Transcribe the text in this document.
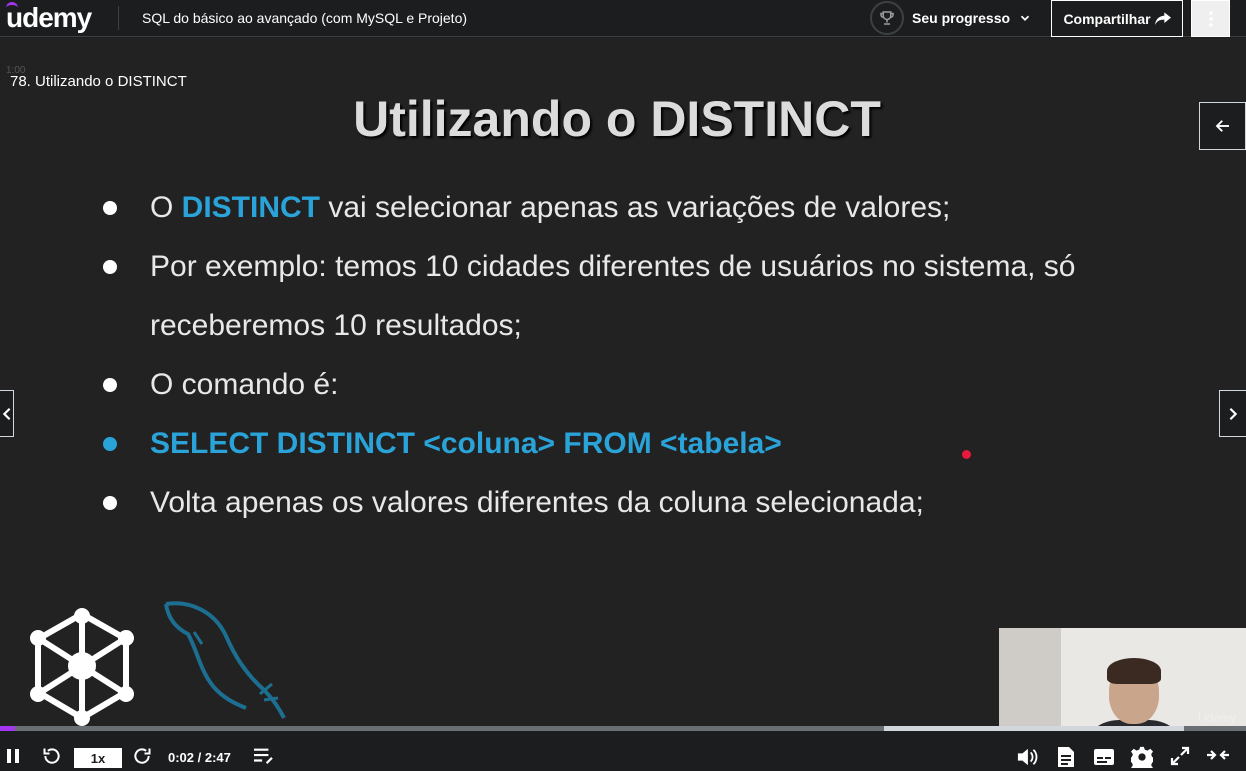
udemy	SQL do básico ao avançado (com MySQL e Projeto)	Seu progresso	Compartilhar
1:00
78. Utilizando o DISTINCT
Utilizando o DISTINCT
O DISTINCT vai selecionar apenas as variações de valores;
Por exemplo: temos 10 cidades diferentes de usuários no sistema, só
receberemos 10 resultados;
O comando é:
SELECT DISTINCT <coluna> FROM <tabela>
Volta apenas os valores diferentes da coluna selecionada;
Udemy
1x	0:02 / 2:47
